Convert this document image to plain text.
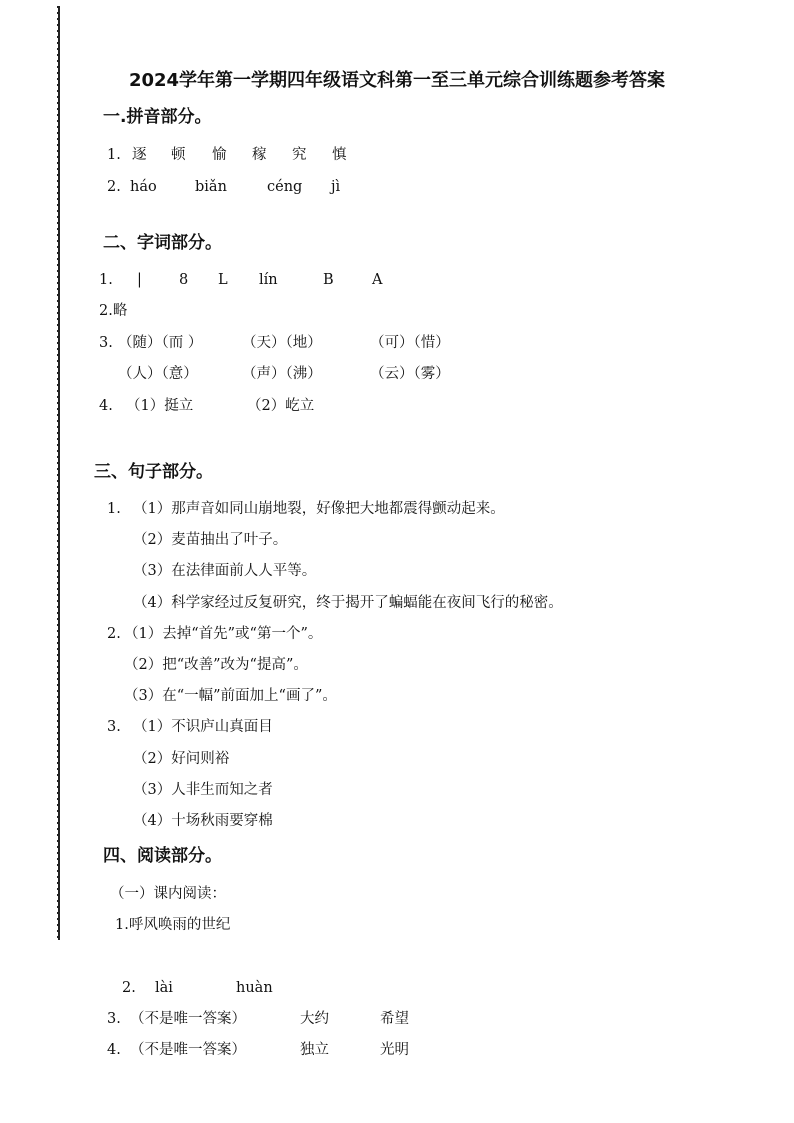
2024学年第一学期四年级语文科第一至三单元综合训练题参考答案
一.拼音部分。
1. 逐 顿 愉 稼 究 慎
2. háo	biǎn	céng jì
二、字词部分。
1. |	8 L lín	B	A
2.略
3. （随）（而 ）	（天）（地）	（可）（惜）
（人）（意）	（声）（沸）	（云）（雾）
4. （1）挺立	（2）屹立
三、句子部分。
1. （1）那声音如同山崩地裂，好像把大地都震得颤动起来。
（2）麦苗抽出了叶子。
（3）在法律面前人人平等。
（4）科学家经过反复研究，终于揭开了蝙蝠能在夜间飞行的秘密。
2. （1）去掉“首先”或“第一个”。
（2）把“改善”改为“提高”。
（3）在“一幅”前面加上“画了”。
3. （1）不识庐山真面目
（2）好问则裕
（3）人非生而知之者
（4）十场秋雨要穿棉
四、阅读部分。
（一）课内阅读：
1.呼风唤雨的世纪
2. lài	huàn
3. （不是唯一答案）	大约	希望
4. （不是唯一答案）	独立	光明
